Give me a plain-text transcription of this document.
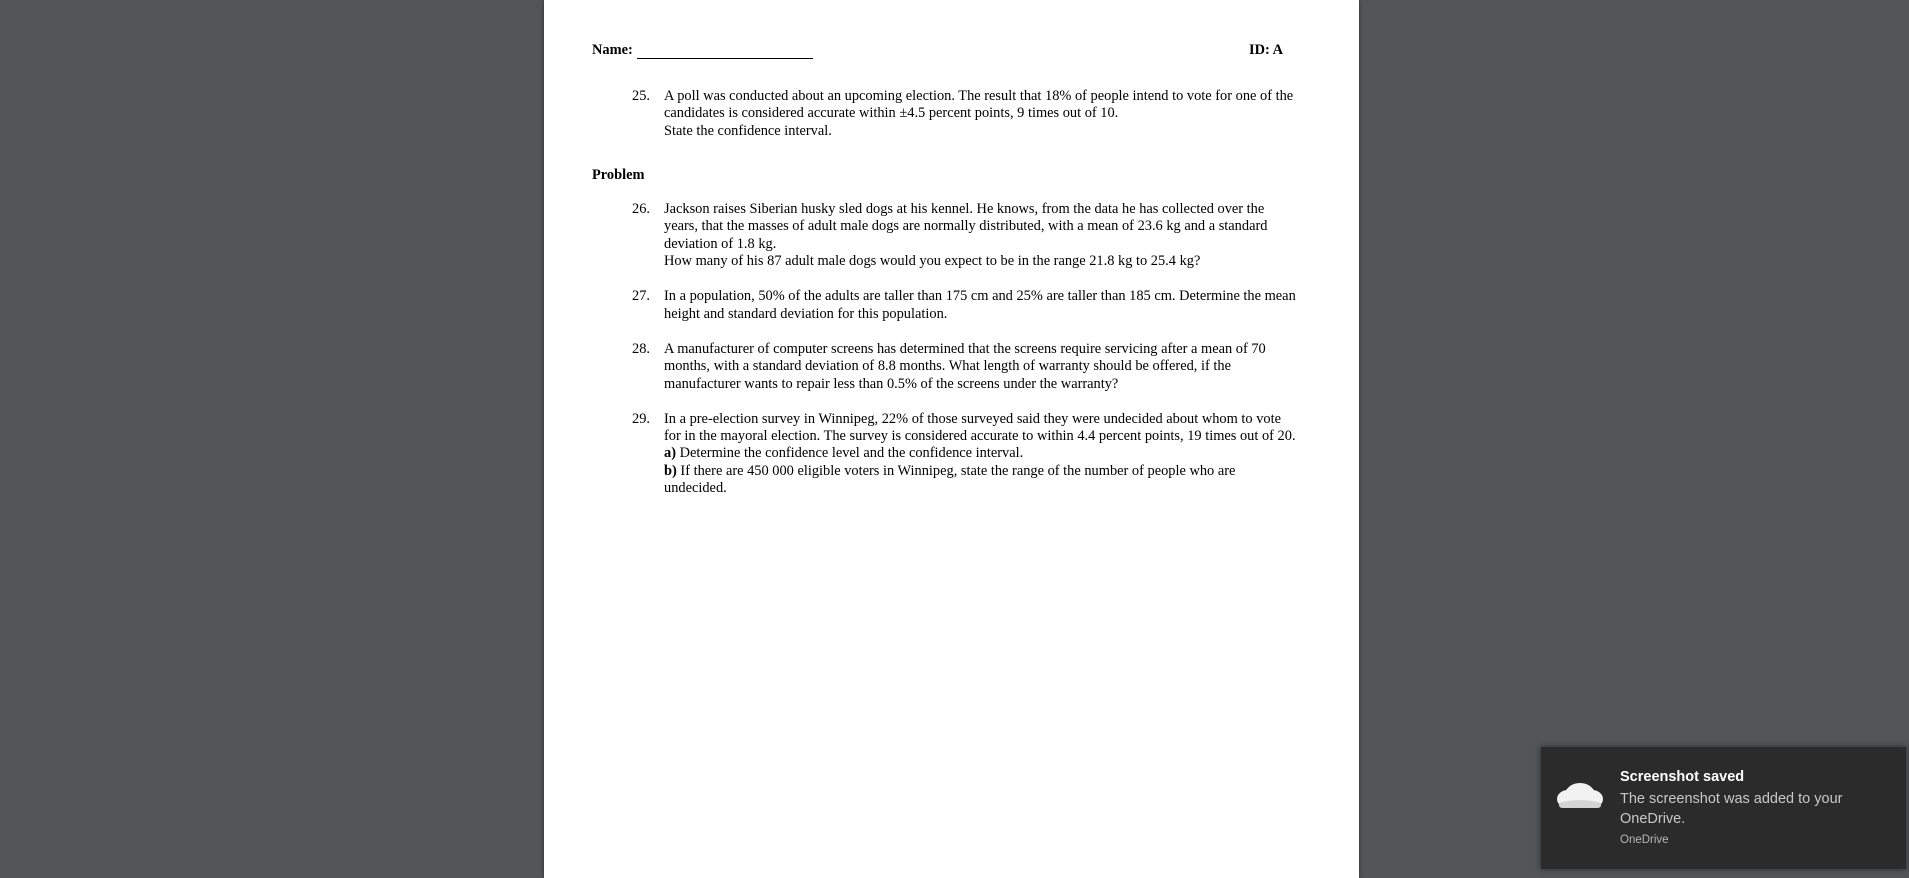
Name:	ID: A
25. A poll was conducted about an upcoming election. The result that 18% of people intend to vote for one of the
candidates is considered accurate within ±4.5 percent points, 9 times out of 10.
State the confidence interval.
Problem
26. Jackson raises Siberian husky sled dogs at his kennel. He knows, from the data he has collected over the
years, that the masses of adult male dogs are normally distributed, with a mean of 23.6 kg and a standard
deviation of 1.8 kg.
How many of his 87 adult male dogs would you expect to be in the range 21.8 kg to 25.4 kg?
27. In a population, 50% of the adults are taller than 175 cm and 25% are taller than 185 cm. Determine the mean
height and standard deviation for this population.
28. A manufacturer of computer screens has determined that the screens require servicing after a mean of 70
months, with a standard deviation of 8.8 months. What length of warranty should be offered, if the
manufacturer wants to repair less than 0.5% of the screens under the warranty?
29. In a pre-election survey in Winnipeg, 22% of those surveyed said they were undecided about whom to vote
for in the mayoral election. The survey is considered accurate to within 4.4 percent points, 19 times out of 20.
a) Determine the confidence level and the confidence interval.
b) If there are 450 000 eligible voters in Winnipeg, state the range of the number of people who are
undecided.
Screenshot saved
The screenshot was added to your OneDrive.
OneDrive
